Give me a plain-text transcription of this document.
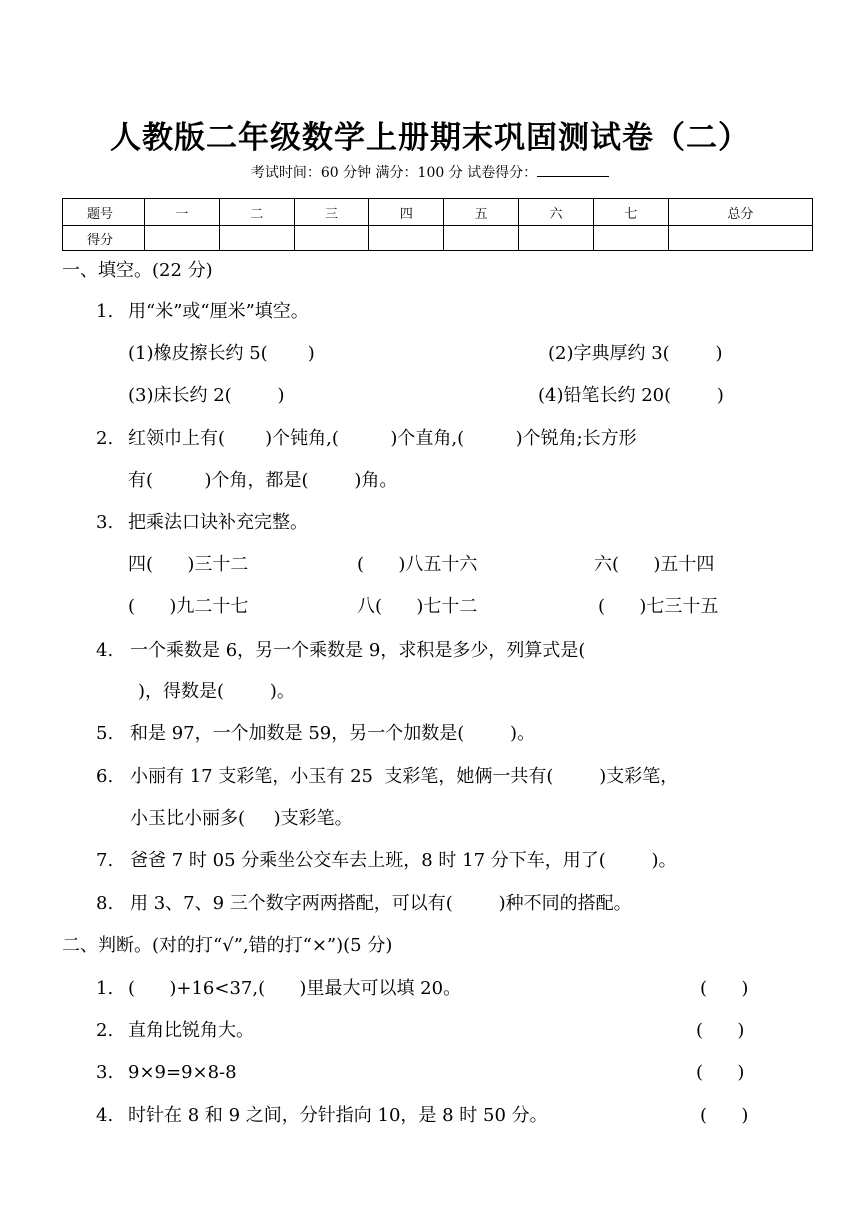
人教版二年级数学上册期末巩固测试卷（二）
考试时间：60 分钟 满分：100 分 试卷得分：
题号	一	二	三	四	五	六	七	总分
得分								
一、填空。(22 分)
1. 用“米”或“厘米”填空。
(1)橡皮擦长约 5(       )	(2)字典厚约 3(        )
(3)床长约 2(        )	(4)铅笔长约 20(        )
2. 红领巾上有(       )个钝角,(         )个直角,(         )个锐角;长方形
有(         )个角，都是(        )角。
3. 把乘法口诀补充完整。
四(      )三十二	(      )八五十六	六(      )五十四
(      )九二十七	八(      )七十二	(      )七三十五
4. 一个乘数是 6，另一个乘数是 9，求积是多少，列算式是(
)，得数是(        )。
5. 和是 97，一个加数是 59，另一个加数是(        )。
6. 小丽有 17 支彩笔，小玉有 25  支彩笔，她俩一共有(        )支彩笔，
小玉比小丽多(     )支彩笔。
7. 爸爸 7 时 05 分乘坐公交车去上班，8 时 17 分下车，用了(        )。
8. 用 3、7、9 三个数字两两搭配，可以有(        )种不同的搭配。
二、判断。(对的打“√”,错的打“×”)(5 分)
1. (      )+16<37,(      )里最大可以填 20。	(      )
2. 直角比锐角大。	(      )
3. 9×9=9×8-8	(      )
4. 时针在 8 和 9 之间，分针指向 10，是 8 时 50 分。	(      )
